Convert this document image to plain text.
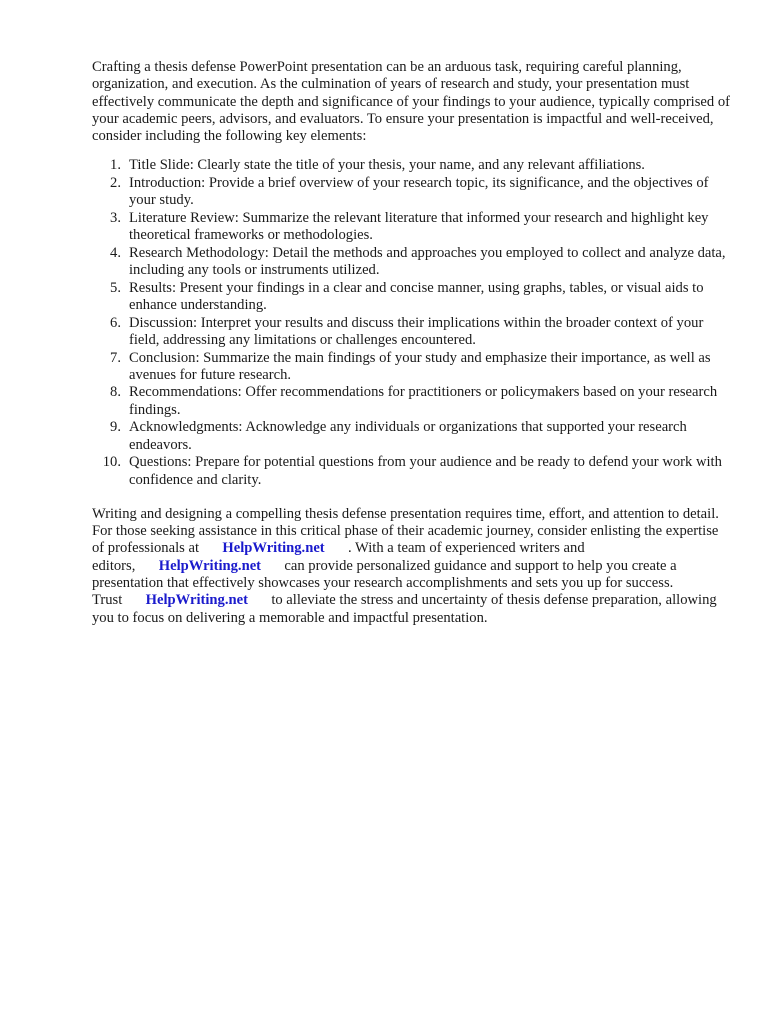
Crafting a thesis defense PowerPoint presentation can be an arduous task, requiring careful planning, organization, and execution. As the culmination of years of research and study, your presentation must effectively communicate the depth and significance of your findings to your audience, typically comprised of your academic peers, advisors, and evaluators. To ensure your presentation is impactful and well-received, consider including the following key elements:

1. Title Slide: Clearly state the title of your thesis, your name, and any relevant affiliations.
2. Introduction: Provide a brief overview of your research topic, its significance, and the objectives of your study.
3. Literature Review: Summarize the relevant literature that informed your research and highlight key theoretical frameworks or methodologies.
4. Research Methodology: Detail the methods and approaches you employed to collect and analyze data, including any tools or instruments utilized.
5. Results: Present your findings in a clear and concise manner, using graphs, tables, or visual aids to enhance understanding.
6. Discussion: Interpret your results and discuss their implications within the broader context of your field, addressing any limitations or challenges encountered.
7. Conclusion: Summarize the main findings of your study and emphasize their importance, as well as avenues for future research.
8. Recommendations: Offer recommendations for practitioners or policymakers based on your research findings.
9. Acknowledgments: Acknowledge any individuals or organizations that supported your research endeavors.
10. Questions: Prepare for potential questions from your audience and be ready to defend your work with confidence and clarity.

Writing and designing a compelling thesis defense presentation requires time, effort, and attention to detail. For those seeking assistance in this critical phase of their academic journey, consider enlisting the expertise of professionals at HelpWriting.net . With a team of experienced writers and editors, HelpWriting.net can provide personalized guidance and support to help you create a presentation that effectively showcases your research accomplishments and sets you up for success. Trust HelpWriting.net to alleviate the stress and uncertainty of thesis defense preparation, allowing you to focus on delivering a memorable and impactful presentation.
